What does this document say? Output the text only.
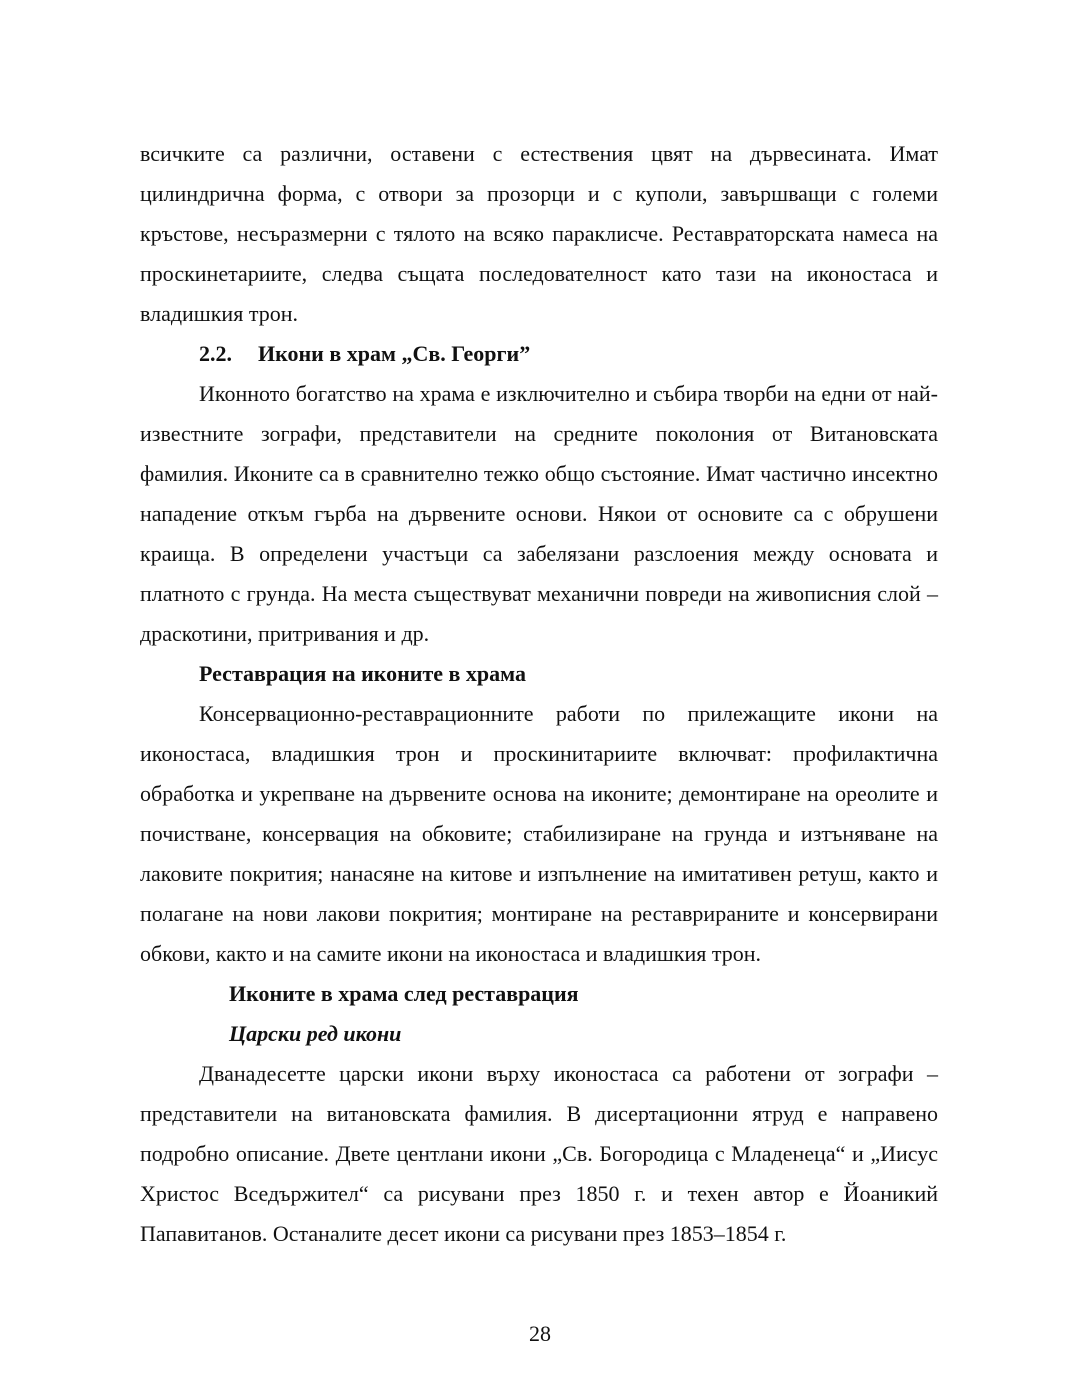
всичките са различни, оставени с естествения цвят на дървесината. Имат цилиндрична форма, с отвори за прозорци и с куполи, завършващи с големи кръстове, несъразмерни с тялото на всяко параклисче. Реставраторската намеса на проскинетариите, следва същата последователност като тази на иконостаса и владишкия трон.

2.2. Икони в храм „Св. Георги”

Иконното богатство на храма е изключително и събира творби на едни от най-известните зографи, представители на средните поколония от Витановската фамилия. Иконите са в сравнително тежко общо състояние. Имат частично инсектно нападение откъм гърба на дървените основи. Някои от основите са с обрушени краища. В определени участъци са забелязани разслоения между основата и платното с грунда. На места съществуват механични повреди на живописния слой – драскотини, притривания и др.

Реставрация на иконите в храма

Консервационно-реставрационните работи по прилежащите икони на иконостаса, владишкия трон и проскинитариите включват: профилактична обработка и укрепване на дървените основа на иконите; демонтиране на ореолите и почистване, консервация на обковите; стабилизиране на грунда и изтъняване на лаковите покрития; нанасяне на китове и изпълнение на имитативен ретуш, както и полагане на нови лакови покрития; монтиране на реставрираните и консервирани обкови, както и на самите икони на иконостаса и владишкия трон.

Иконите в храма след реставрация

Царски ред икони

Дванадесетте царски икони върху иконостаса са работени от зографи – представители на витановската фамилия. В дисертационни ятруд е направено подробно описание. Двете центлани икони „Св. Богородица с Младенеца“ и „Иисус Христос Вседържител“ са рисувани през 1850 г. и техен автор е Йоаникий Папавитанов. Останалите десет икони са рисувани през 1853–1854 г.

28
